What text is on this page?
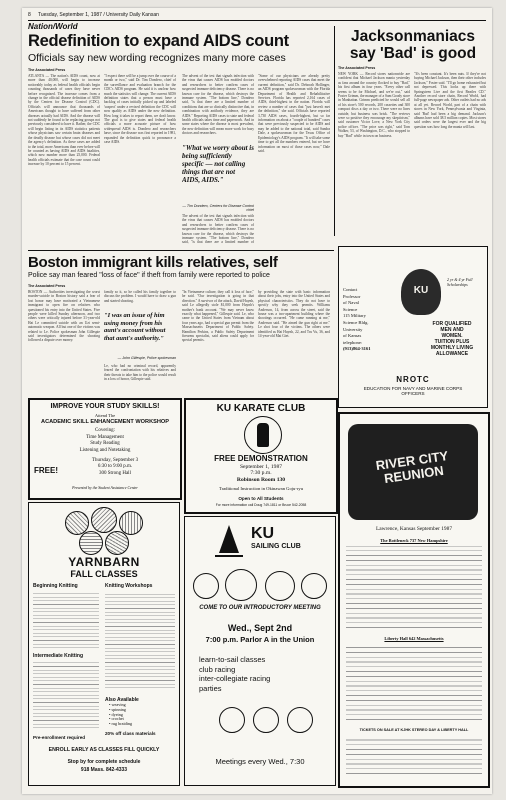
8 Tuesday, September 1, 1987 / University Daily Kansan
Nation/World
Redefinition to expand AIDS count
Officials say new wording recognizes many more cases
The Associated Press
ATLANTA — The nation's AIDS count, now at more than 40,000, will begin to increase noticeably today as federal health officials begin counting thousands of cases they have never before recognized. The increase comes from a change in the official disease definition of AIDS by the Centers for Disease Control (CDC). Officials will announce that thousands of Americans thought to have suffered from other diseases actually had AIDS. And the disease will not suddenly be found to be replacing groups not previously considered to have it. Rather, the CDC will begin listing in its AIDS statistics patients whose physicians saw certain brain diseases and the deadly disease but whose cases did not meet the agency's definition. As these cases are added to the total, more Americans than ever before will be counted as having AIDS and AIDS fatalities, which now number more than 25,000. Federal health officials estimate that the case count could increase by 10 percent to 15 percent.
"I expect there will be a jump over the course of a month or two," said Dr. Tim Dondero, chief of the surveillance and evaluation branch for the CDC's AIDS program. He said it is unclear how much the statistics will change. The current AIDS definition states that a person must have a backlog of cases initially picked up and labeled 'suspect' under a revised definition the CDC will now qualify as AIDS under the new definition. How long it takes to report them, we don't know. The goal is to give states and federal health officials a more accurate picture of how widespread AIDS is. Dondero and researchers have, since the disease was first reported in 1981, expanded the definition quick to pronounce a case AIDS.
The advent of the test that signals infection with the virus that causes AIDS has enabled doctors and researchers to better confirm cases of suspected immune deficiency disease. There is no known cure for the disease, which destroys the immune system. "The bottom line," Dondero said, "is that there are a limited number of conditions that are so clinically distinctive that, in combination with antibody evidence, they are AIDS." Reporting AIDS cases to state and federal health officials takes time and paperwork. And in some states where the disease is most prevalent, the new definition will mean more work for busy doctors and researchers.
"What we worry about is being sufficiently specific — not calling things that are not AIDS, AIDS."
— Tim Dondero, Centers for Disease Control chief
The advent of the test that signals infection with the virus that causes AIDS has enabled doctors and researchers to better confirm cases of suspected immune deficiency disease. There is no known cure for the disease, which destroys the immune system. "The bottom line," Dondero said, "is that there are a limited number of
"Some of our physicians are already pretty overwhelmed reporting AIDS cases that meet the current definition," said Dr. Deborah Hollinger, an AIDS program spokeswoman with the Florida Department of Health and Rehabilitative Services. Florida has reported 2,164 cases of AIDS, third-highest in the nation. Florida will review a number of cases that "just haven't met the definition," she said. Officials have reported 3,730 AIDS cases, fourth-highest, but so far information on about a "couple of hundred" cases that were previously suspected to be AIDS and may be added to the national total, said Sandra Dale, a spokeswoman for the Texas Office of Epidemiology's AIDS program. "It will take some time to get all the numbers entered, but we have information on most of those cases now," Dale said.
Jacksonmaniacs say 'Bad' is good
The Associated Press
NEW YORK — Record stores nationwide are confident that Michael Jackson mania yesterday as fans around the country flocked to buy "Bad," his first album in four years. "Every other call seems to be for Michael, and we're out," said Foster Grimm, the manager of a Sam Goody store in Manhattan. Grimm predicted he would sell all of his store's 500 records, 200 cassettes and 300 compact discs a day or two. There were no lines outside, but business was brisk. "The reviews were so positive they encourage my skepticism," said customer Victor Love, a New York City police officer. "The price was right," said Tom Walker, 53, of Washington, D.C., who stopped to buy "Bad" while in town on business.
"It's been constant. It's been nuts. If they're not buying Michael Jackson, then their other includes Jackson," Foster said. "I'll go home exhausted but not depressed. This looks up there with Springsteen Live and the first Beatles CD." Another record store chain, Record World, had full-page newspaper ads. Other outlets had no ads at all yet. Record World, part of a chain with stores in New York, Pennsylvania and Virginia, said 'Bad' had been a big demand. Jackson's albums have sold 38.5 million copies. Most stores said orders were the largest ever and the big question was how long the mania will last.
Boston immigrant kills relatives, self
Police say man feared "loss of face" if theft from family were reported to police
The Associated Press
BOSTON — Authorities investigating the worst murder-suicide in Boston history said a fear of lost honor may have motivated a Vietnamese immigrant to open fire on relatives who questioned his entry into the United States. Five people were killed Sunday afternoon, and two others were critically injured before 31-year-old Hai Le committed suicide with an Uzi semi-automatic weapon. All but one of the victims was related to Le. Police spokesman John Gillespie said investigators determined the shooting followed a dispute over money.
family so it, so he called his family together to discuss the problem. I would have to draw a gun and started shooting.
"I was an issue of him using money from his aunt's account without that aunt's authority."
— John Gillespie, Police spokesman
Le, who had no criminal record, apparently feared the confrontation with his relatives and their threats to take him to the police would result in a loss of honor, Gillespie said.
"In Vietnamese culture, they call it loss of face," he said. "Our investigation is going in that direction." A survivor of the attack, David Huynh, said Le allegedly stole $1,000 from Huynh's mother's bank account. "We may never know exactly what happened," Gillespie said. Le, who came to the United States from Vietnam about four years ago, had a special gun permit from the Massachusetts Department of Public Safety. Hamilton Perkins, a Public Safety Department firearms specialist, said aliens could apply for special permits.
by providing the state with basic information about their jobs, entry into the United States and physical characteristics. They do not have to specify why they seek permits. Williams Anderson, 14, from across the street, said the house was a two-apartment building where the shootings occurred. "He came running at me," Anderson said. "He aimed the gun right at me." Le shot four of the victims. The others were identified as Hai Huynh, 22, and Tru Vu, 36, and 14-year-old Mai Giet.
KU

Contact

Professor

of Naval

Science

115 Military

Science Bldg.

University

of Kansas

telephone:

(913)864-3161

2 yr & 4 yr Full Scholarships
FOR QUALIFIED
MEN AND
WOMEN.
TUITION PLUS
MONTHLY LIVING
ALLOWANCE
NROTC
EDUCATION FOR NAVY AND MARINE CORPS OFFICERS
IMPROVE YOUR STUDY SKILLS!
Attend The
ACADEMIC SKILL ENHANCEMENT WORKSHOP
Covering:
Time Management
Study Reading
Listening and Notetaking
Thursday, September 3
6:30 to 9:00 p.m.
300 Strong Hall
FREE!
Presented by the Student Assistance Center
YARNBARN
FALL CLASSES
Beginning Knitting
Intermediate Knitting
Knitting Workshops
Also Available
• weaving
• spinning
• dyeing
• crochet
• rug braiding
20% off class materials
Pre-enrollment required
ENROLL EARLY AS CLASSES FILL QUICKLY
Stop by for complete schedule
918 Mass. 842-4333
KU KARATE CLUB
FREE DEMONSTRATION
September 1, 1987
7:30 p.m.
Robinson Room 130
Traditional Instruction in Okinawan Goju-ryu
Open to All Students
For more information call Doug 749-1811 or Bruce 542-2058
KU
SAILING CLUB
COME TO OUR INTRODUCTORY MEETING
Wed., Sept 2nd
7:00 p.m. Parlor A in the Union
learn-to-sail classes
club racing
inter-collegiate racing
parties
Meetings every Wed., 7:30
RIVER CITY REUNION
Lawrence, Kansas September 1987
The Bottleneck 737 New Hampshire
Liberty Hall 642 Massachusetts
TICKETS ON SALE AT KJHK STEREO DAY & LIBERTY HALL
